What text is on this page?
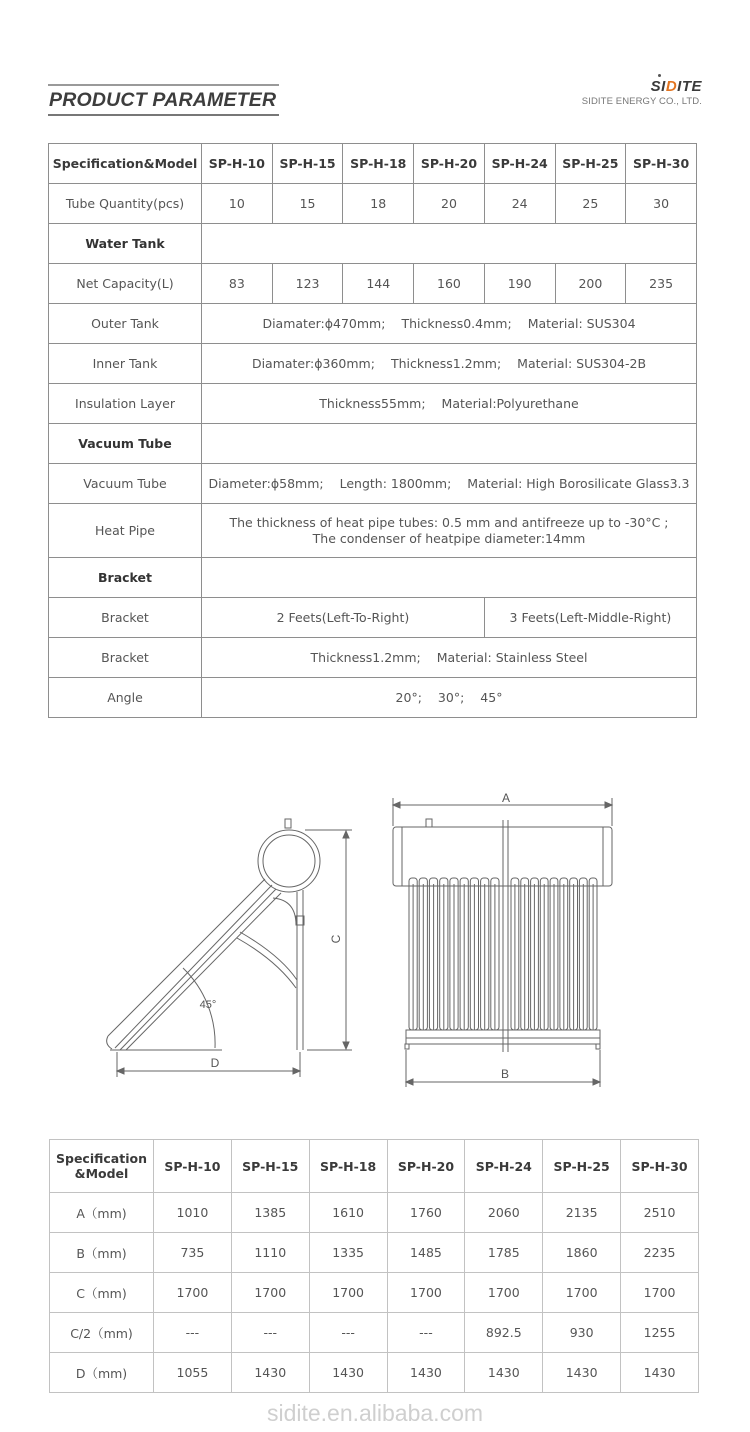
PRODUCT PARAMETER
SIDITE
SIDITE ENERGY CO., LTD.
Specification&Model	SP-H-10	SP-H-15	SP-H-18	SP-H-20	SP-H-24	SP-H-25	SP-H-30
Tube Quantity(pcs)	10	15	18	20	24	25	30
Water Tank							
Net Capacity(L)	83	123	144	160	190	200	235
Outer Tank	Diamater:ϕ470mm; Thickness0.4mm; Material: SUS304						
Inner Tank	Diamater:ϕ360mm; Thickness1.2mm; Material: SUS304-2B						
Insulation Layer	Thickness55mm; Material:Polyurethane						
Vacuum Tube							
Vacuum Tube	Diameter:ϕ58mm; Length: 1800mm; Material: High Borosilicate Glass3.3						
Heat Pipe	The thickness of heat pipe tubes: 0.5 mm and antifreeze up to -30°C ;
The condenser of heatpipe diameter:14mm						

Bracket							
Bracket	2 Feets(Left-To-Right)				3 Feets(Left-Middle-Right)		
Bracket	Thickness1.2mm; Material: Stainless Steel						
Angle	20°; 30°; 45°						
45°
C
D
A
B
Specification
&Model	SP-H-10	SP-H-15	SP-H-18	SP-H-20	SP-H-24	SP-H-25	SP-H-30
A（mm)	1010	1385	1610	1760	2060	2135	2510
B（mm)	735	1110	1335	1485	1785	1860	2235
C（mm)	1700	1700	1700	1700	1700	1700	1700
C/2（mm)	---	---	---	---	892.5	930	1255
D（mm)	1055	1430	1430	1430	1430	1430	1430
sidite.en.alibaba.com
